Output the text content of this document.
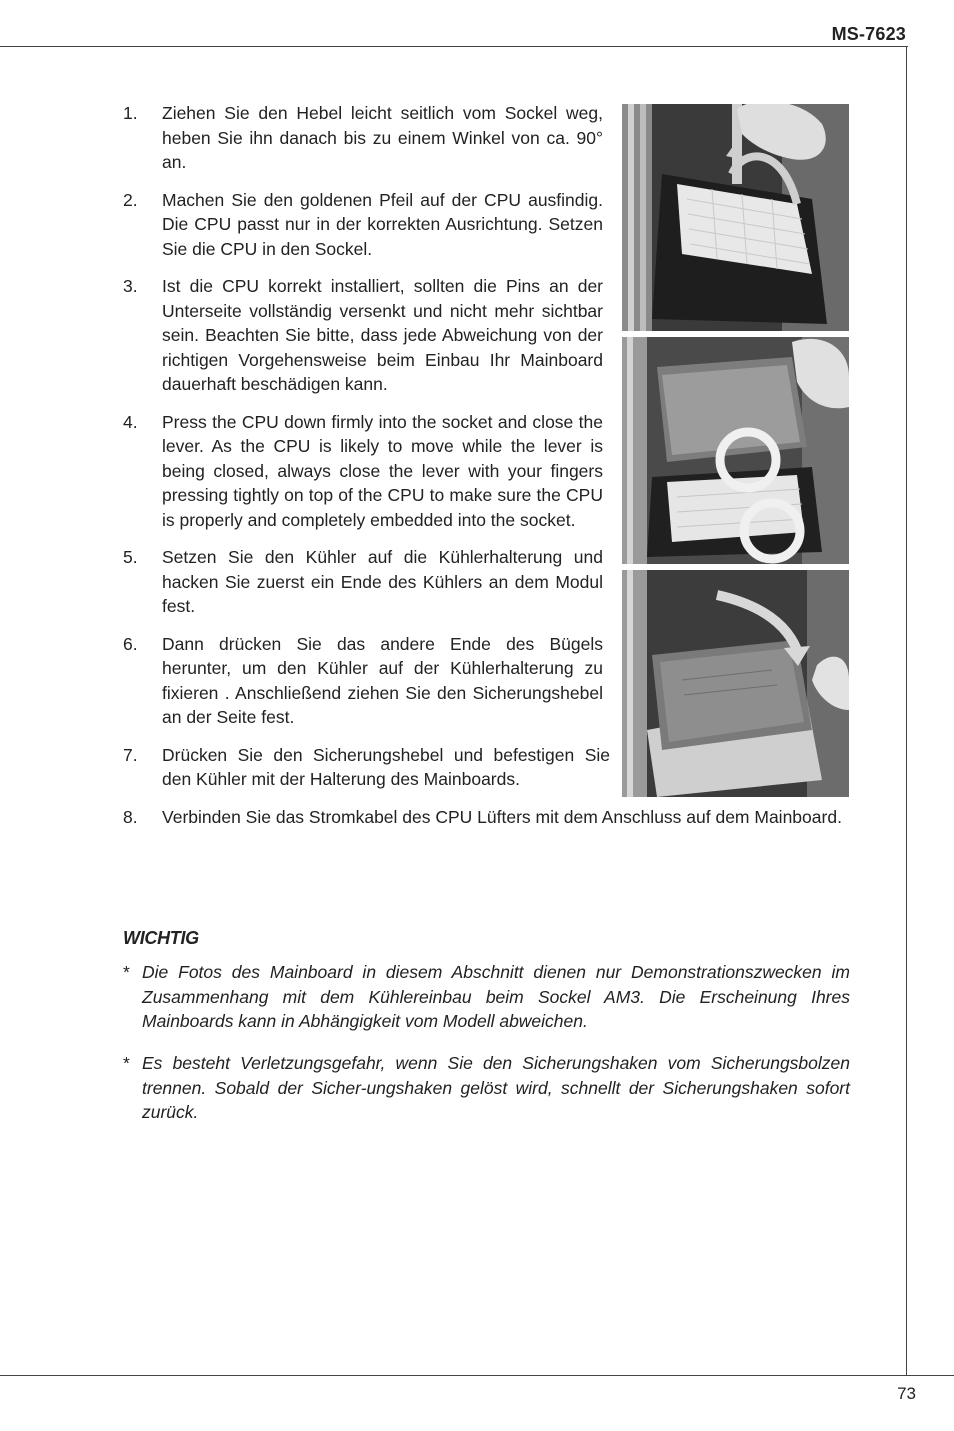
MS-7623
1. Ziehen Sie den Hebel leicht seitlich vom Sockel weg, heben Sie ihn danach bis zu einem Winkel von ca. 90° an.
2. Machen Sie den goldenen Pfeil auf der CPU ausfindig. Die CPU passt nur in der korrekten Ausrichtung. Setzen Sie die CPU in den Sockel.
3. Ist die CPU korrekt installiert, sollten die Pins an der Unterseite vollständig versenkt und nicht mehr sichtbar sein. Beachten Sie bitte, dass jede Abweichung von der richtigen Vorgehensweise beim Einbau Ihr Mainboard dauerhaft beschädigen kann.
4. Press the CPU down firmly into the socket and close the lever. As the CPU is likely to move while the lever is being closed, always close the lever with your fingers pressing tightly on top of the CPU to make sure the CPU is properly and completely embedded into the socket.
5. Setzen Sie den Kühler auf die Kühlerhalterung und hacken Sie zuerst ein Ende des Kühlers an dem Modul fest.
6. Dann drücken Sie das andere Ende des Bügels herunter, um den Kühler auf der Kühlerhalterung zu fixieren . Anschließend ziehen Sie den Sicherungshebel an der Seite fest.
7. Drücken Sie den Sicherungshebel und befestigen Sie den Kühler mit der Halterung des Mainboards.
8. Verbinden Sie das Stromkabel des CPU Lüfters mit dem Anschluss auf dem Mainboard.
WICHTIG
* Die Fotos des Mainboard in diesem Abschnitt dienen nur Demonstrationszwecken im Zusammenhang mit dem Kühlereinbau beim Sockel AM3. Die Erscheinung Ihres Mainboards kann in Abhängigkeit vom Modell abweichen.
* Es besteht Verletzungsgefahr, wenn Sie den Sicherungshaken vom Sicherungsbolzen trennen. Sobald der Sicher-ungshaken gelöst wird, schnellt der Sicherungshaken sofort zurück.
73
